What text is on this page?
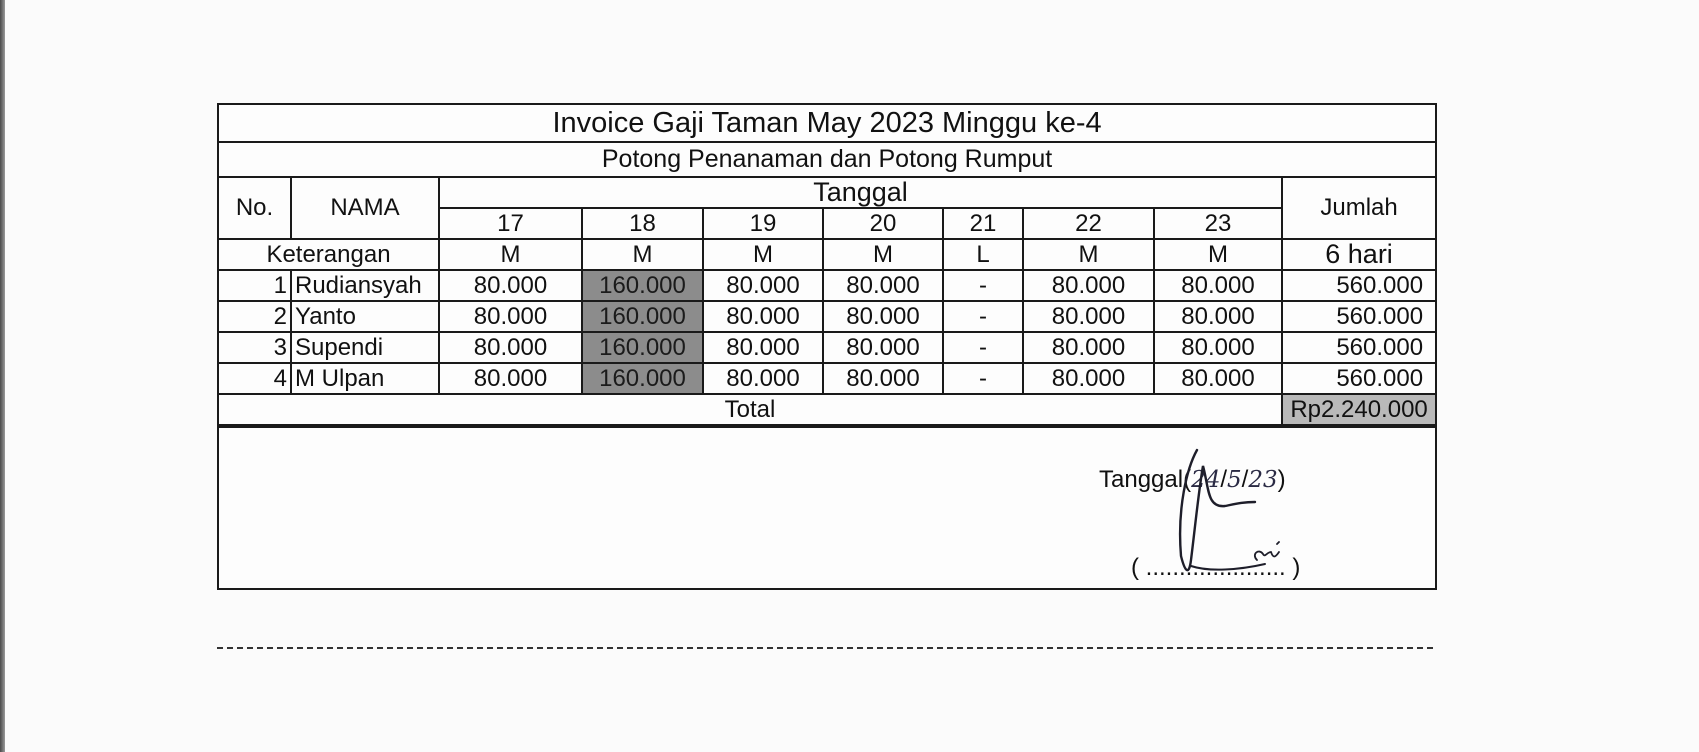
Invoice Gaji Taman May 2023 Minggu ke-4									
Potong Penanaman dan Potong Rumput									
No.	NAMA	Tanggal							Jumlah
		17	18	19	20	21	22	23	
Keterangan		M	M	M	M	L	M	M	6 hari
1	Rudiansyah	80.000	160.000	80.000	80.000	-	80.000	80.000	560.000
2	Yanto	80.000	160.000	80.000	80.000	-	80.000	80.000	560.000
3	Supendi	80.000	160.000	80.000	80.000	-	80.000	80.000	560.000
4	M Ulpan	80.000	160.000	80.000	80.000	-	80.000	80.000	560.000
Total									Rp2.240.000
Tanggal(24/5/23)
( ..................... )
